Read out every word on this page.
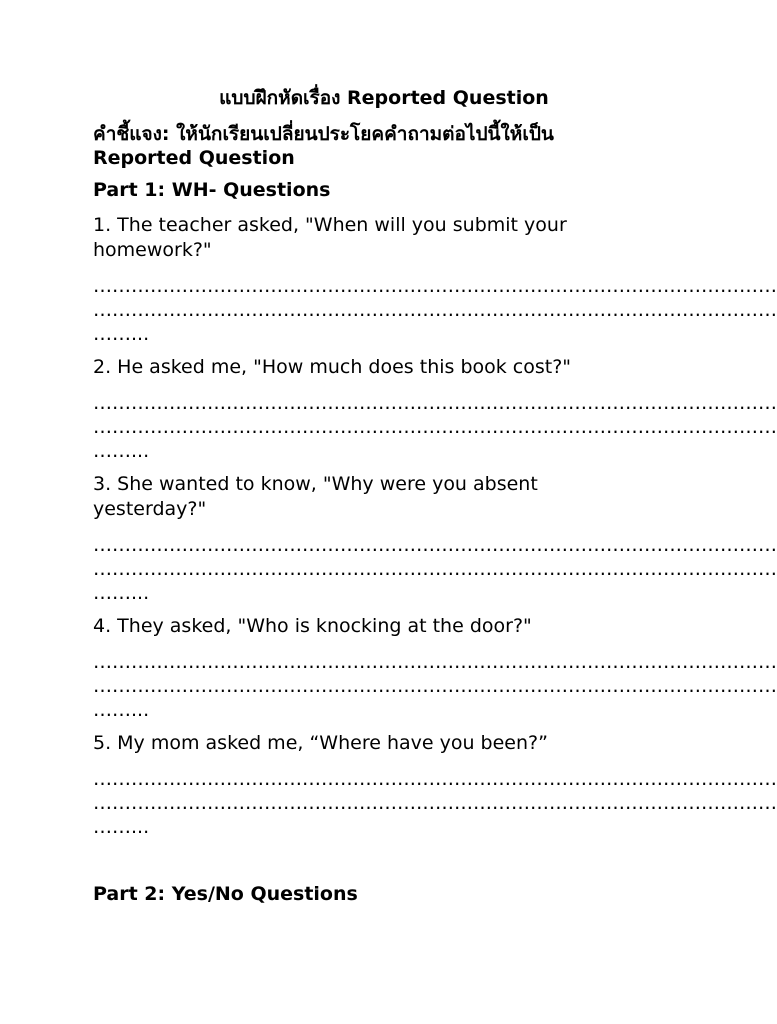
แบบฝึกหัดเรื่อง Reported Question
คำชี้แจง: ให้นักเรียนเปลี่ยนประโยคคำถามต่อไปนี้ให้เป็น
Reported Question
Part 1: WH- Questions
1. The teacher asked, "When will you submit your homework?"
………………………………………………………………………………………………
………………………………………………………………………………………………
……...
2. He asked me, "How much does this book cost?"
………………………………………………………………………………………………
………………………………………………………………………………………………
……...
3. She wanted to know, "Why were you absent yesterday?"
………………………………………………………………………………………………
………………………………………………………………………………………………
……...
4. They asked, "Who is knocking at the door?"
………………………………………………………………………………………………
………………………………………………………………………………………………
……...
5. My mom asked me, “Where have you been?”
………………………………………………………………………………………………
………………………………………………………………………………………………
……...
Part 2: Yes/No Questions
